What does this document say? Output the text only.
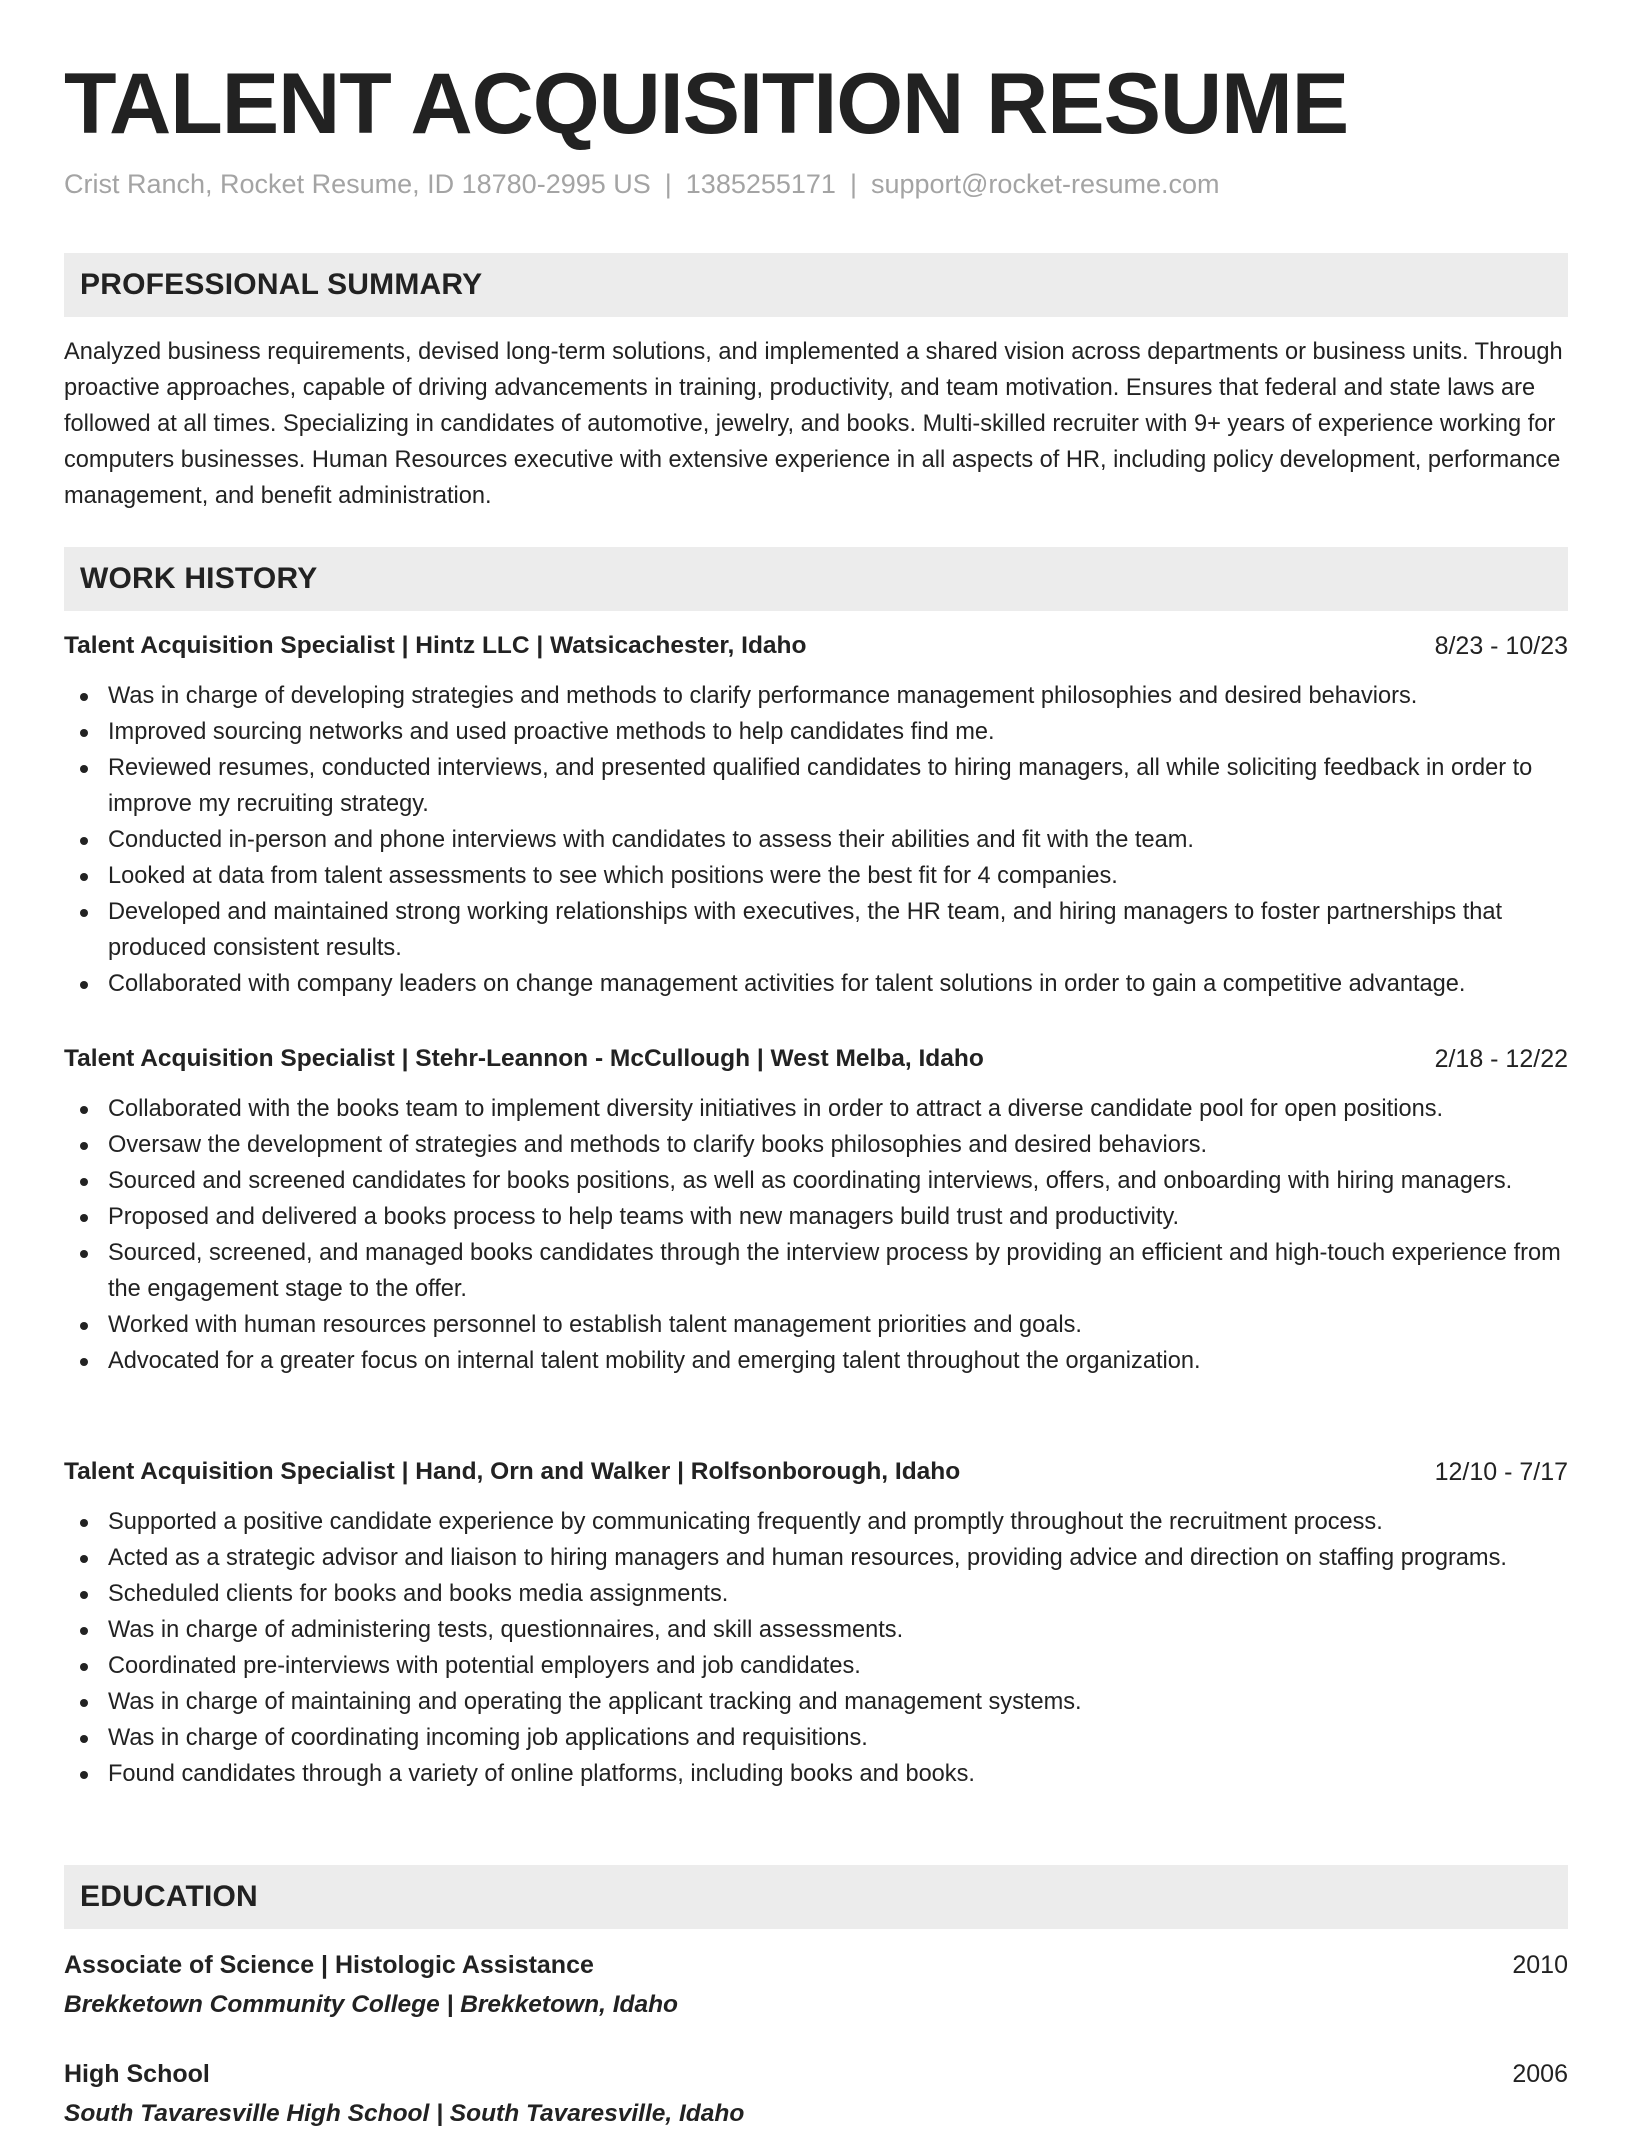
TALENT ACQUISITION RESUME
Crist Ranch, Rocket Resume, ID 18780-2995 US | 1385255171 | support@rocket-resume.com
PROFESSIONAL SUMMARY

Analyzed business requirements, devised long-term solutions, and implemented a shared vision across departments or business units. Through proactive approaches, capable of driving advancements in training, productivity, and team motivation. Ensures that federal and state laws are followed at all times. Specializing in candidates of automotive, jewelry, and books. Multi-skilled recruiter with 9+ years of experience working for computers businesses. Human Resources executive with extensive experience in all aspects of HR, including policy development, performance management, and benefit administration.

WORK HISTORY
Talent Acquisition Specialist | Hintz LLC | Watsicachester, Idaho	8/23 - 10/23
Was in charge of developing strategies and methods to clarify performance management philosophies and desired behaviors.
Improved sourcing networks and used proactive methods to help candidates find me.
Reviewed resumes, conducted interviews, and presented qualified candidates to hiring managers, all while soliciting feedback in order to improve my recruiting strategy.
Conducted in-person and phone interviews with candidates to assess their abilities and fit with the team.
Looked at data from talent assessments to see which positions were the best fit for 4 companies.
Developed and maintained strong working relationships with executives, the HR team, and hiring managers to foster partnerships that produced consistent results.
Collaborated with company leaders on change management activities for talent solutions in order to gain a competitive advantage.
Talent Acquisition Specialist | Stehr-Leannon - McCullough | West Melba, Idaho	2/18 - 12/22
Collaborated with the books team to implement diversity initiatives in order to attract a diverse candidate pool for open positions.
Oversaw the development of strategies and methods to clarify books philosophies and desired behaviors.
Sourced and screened candidates for books positions, as well as coordinating interviews, offers, and onboarding with hiring managers.
Proposed and delivered a books process to help teams with new managers build trust and productivity.
Sourced, screened, and managed books candidates through the interview process by providing an efficient and high-touch experience from the engagement stage to the offer.
Worked with human resources personnel to establish talent management priorities and goals.
Advocated for a greater focus on internal talent mobility and emerging talent throughout the organization.
Talent Acquisition Specialist | Hand, Orn and Walker | Rolfsonborough, Idaho	12/10 - 7/17
Supported a positive candidate experience by communicating frequently and promptly throughout the recruitment process.
Acted as a strategic advisor and liaison to hiring managers and human resources, providing advice and direction on staffing programs.
Scheduled clients for books and books media assignments.
Was in charge of administering tests, questionnaires, and skill assessments.
Coordinated pre-interviews with potential employers and job candidates.
Was in charge of maintaining and operating the applicant tracking and management systems.
Was in charge of coordinating incoming job applications and requisitions.
Found candidates through a variety of online platforms, including books and books.
EDUCATION
Associate of Science | Histologic Assistance	2010
Brekketown Community College | Brekketown, Idaho
High School	2006
South Tavaresville High School | South Tavaresville, Idaho
